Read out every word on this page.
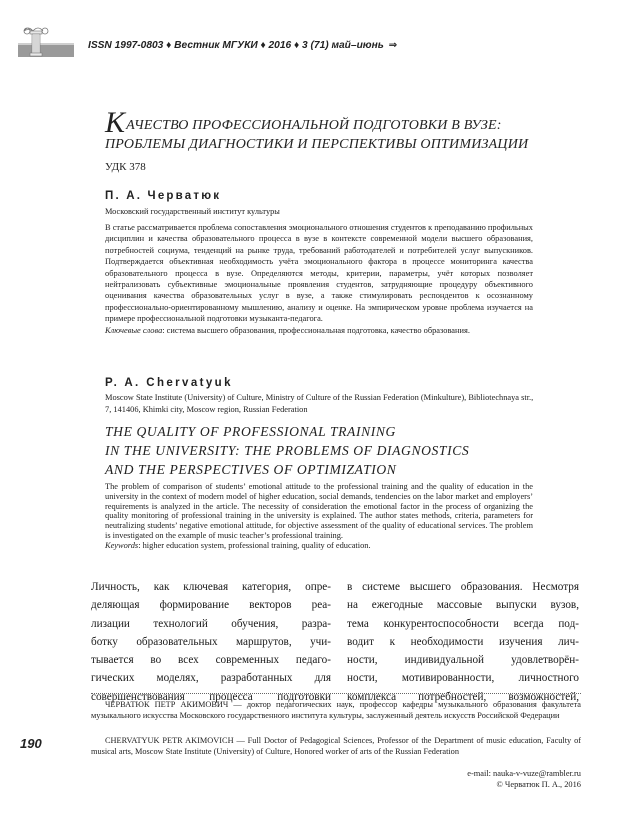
ISSN 1997-0803 ♦ Вестник МГУКИ ♦ 2016 ♦ 3 (71) май–июнь ⇒
КАЧЕСТВО ПРОФЕССИОНАЛЬНОЙ ПОДГОТОВКИ В ВУЗЕ: ПРОБЛЕМЫ ДИАГНОСТИКИ И ПЕРСПЕКТИВЫ ОПТИМИЗАЦИИ
УДК 378
П. А. Черватюк
Московский государственный институт культуры

В статье рассматривается проблема сопоставления эмоционального отношения студентов к преподаванию профильных дисциплин и качества образовательного процесса в вузе в контексте современной модели высшего образования, потребностей социума, тенденций на рынке труда, требований работодателей и потребителей услуг выпускников. Подтверждается объективная необходимость учёта эмоционального фактора в процессе мониторинга качества образовательного процесса в вузе. Определяются методы, критерии, параметры, учёт которых позволяет нейтрализовать субъективные эмоциональные проявления студентов, затрудняющие процедуру объективного оценивания качества образовательных услуг в вузе, а также стимулировать респондентов к осознанному профессионально-ориентированному мышлению, анализу и оценке. На эмпирическом уровне проблема изучается на примере профессиональной подготовки музыканта-педагога.

Ключевые слова: система высшего образования, профессиональная подготовка, качество образования.
P. A. Chervatyuk
Moscow State Institute (University) of Culture, Ministry of Culture of the Russian Federation (Minkulture), Bibliotechnaya str., 7, 141406, Khimki city, Moscow region, Russian Federation
THE QUALITY OF PROFESSIONAL TRAINING
IN THE UNIVERSITY: THE PROBLEMS OF DIAGNOSTICS
AND THE PERSPECTIVES OF OPTIMIZATION
The problem of comparison of students’ emotional attitude to the professional training and the quality of education in the university in the context of modern model of higher education, social demands, tendencies on the labor market and employers’ requirements is analyzed in the article. The necessity of consideration the emotional factor in the process of organizing the quality monitoring of professional training in the university is explained. The author states methods, criteria, parameters for neutralizing students’ negative emotional attitude, for objective assessment of the quality of educational services. The problem is investigated on the example of music teacher’s professional training.
Keywords: higher education system, professional training, quality of education.
Личность, как ключевая категория, опре-
деляющая формирование векторов реа-
лизации технологий обучения, разра-
ботку образовательных маршрутов, учи-
тывается во всех современных педаго-
гических моделях, разработанных для
совершенствования процесса подготовки
в системе высшего образования. Несмотря
на ежегодные массовые выпуски вузов,
тема конкурентоспособности всегда под-
водит к необходимости изучения лич-
ности, индивидуальной удовлетворён-
ности, мотивированности, личностного
комплекса потребностей, возможностей,
ЧЕРВАТЮК ПЕТР АКИМОВИЧ — доктор педагогических наук, профессор кафедры музыкального образования факультета музыкального искусства Московского государственного института культуры, заслуженный деятель искусств Российской Федерации
190	CHERVATYUK PETR AKIMOVICH — Full Doctor of Pedagogical Sciences, Professor of the Department of music education, Faculty of musical arts, Moscow State Institute (University) of Culture, Honored worker of arts of the Russian Federation
e-mail: nauka-v-vuze@rambler.ru
© Черватюк П. А., 2016
